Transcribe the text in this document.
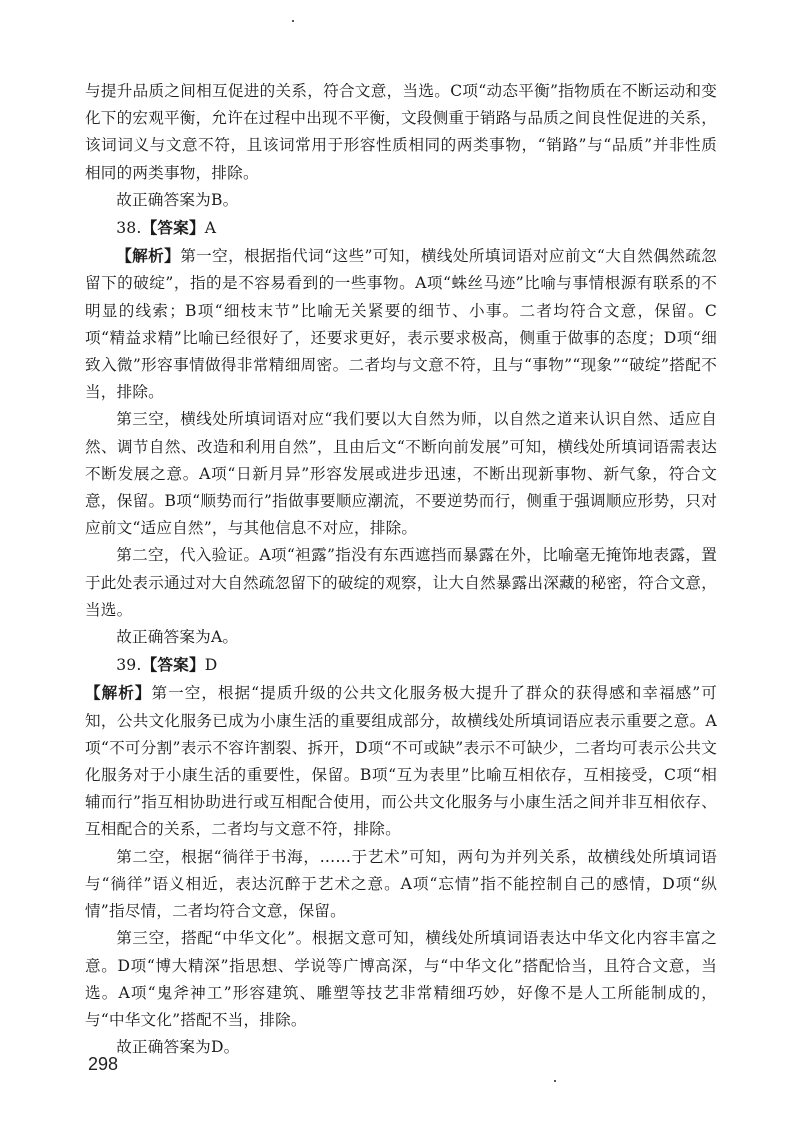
与提升品质之间相互促进的关系，符合文意，当选。C项“动态平衡”指物质在不断运动和变化下的宏观平衡，允许在过程中出现不平衡，文段侧重于销路与品质之间良性促进的关系，该词词义与文意不符，且该词常用于形容性质相同的两类事物，“销路”与“品质”并非性质相同的两类事物，排除。

故正确答案为B。

38.【答案】A

【解析】第一空，根据指代词“这些”可知，横线处所填词语对应前文“大自然偶然疏忽留下的破绽”，指的是不容易看到的一些事物。A项“蛛丝马迹”比喻与事情根源有联系的不明显的线索；B项“细枝末节”比喻无关紧要的细节、小事。二者均符合文意，保留。C项“精益求精”比喻已经很好了，还要求更好，表示要求极高，侧重于做事的态度；D项“细致入微”形容事情做得非常精细周密。二者均与文意不符，且与“事物”“现象”“破绽”搭配不当，排除。

第三空，横线处所填词语对应“我们要以大自然为师，以自然之道来认识自然、适应自然、调节自然、改造和利用自然”，且由后文“不断向前发展”可知，横线处所填词语需表达不断发展之意。A项“日新月异”形容发展或进步迅速，不断出现新事物、新气象，符合文意，保留。B项“顺势而行”指做事要顺应潮流，不要逆势而行，侧重于强调顺应形势，只对应前文“适应自然”，与其他信息不对应，排除。

第二空，代入验证。A项“袒露”指没有东西遮挡而暴露在外，比喻毫无掩饰地表露，置于此处表示通过对大自然疏忽留下的破绽的观察，让大自然暴露出深藏的秘密，符合文意，当选。

故正确答案为A。

39.【答案】D

【解析】第一空，根据“提质升级的公共文化服务极大提升了群众的获得感和幸福感”可知，公共文化服务已成为小康生活的重要组成部分，故横线处所填词语应表示重要之意。A项“不可分割”表示不容许割裂、拆开，D项“不可或缺”表示不可缺少，二者均可表示公共文化服务对于小康生活的重要性，保留。B项“互为表里”比喻互相依存，互相接受，C项“相辅而行”指互相协助进行或互相配合使用，而公共文化服务与小康生活之间并非互相依存、互相配合的关系，二者均与文意不符，排除。

第二空，根据“徜徉于书海，……于艺术”可知，两句为并列关系，故横线处所填词语与“徜徉”语义相近，表达沉醉于艺术之意。A项“忘情”指不能控制自己的感情，D项“纵情”指尽情，二者均符合文意，保留。

第三空，搭配“中华文化”。根据文意可知，横线处所填词语表达中华文化内容丰富之意。D项“博大精深”指思想、学说等广博高深，与“中华文化”搭配恰当，且符合文意，当选。A项“鬼斧神工”形容建筑、雕塑等技艺非常精细巧妙，好像不是人工所能制成的，与“中华文化”搭配不当，排除。

故正确答案为D。

298
